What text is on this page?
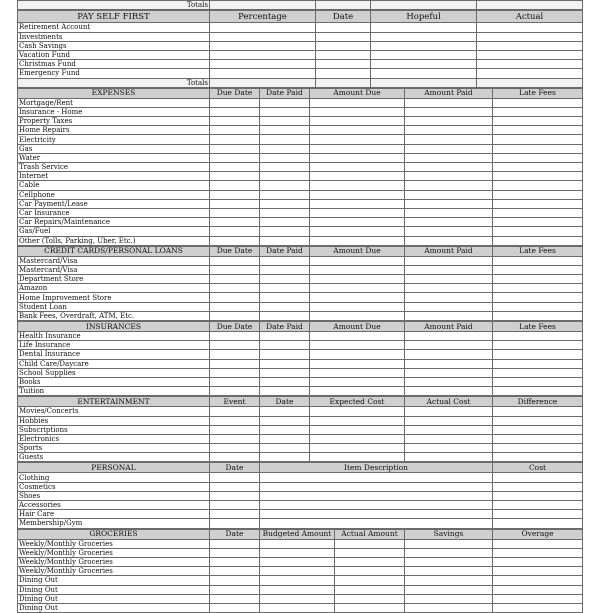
Totals				
PAY SELF FIRST	Percentage	Date	Hopeful	Actual
Retirement Account				
Investments				
Cash Savings				
Vacation Fund				
Christmas Fund				
Emergency Fund				
Totals				
EXPENSES	Due Date	Date Paid	Amount Due	Amount Paid	Late Fees
Mortgage/Rent					
Insurance - Home					
Property Taxes					
Home Repairs					
Electricity					
Gas					
Water					
Trash Service					
Internet					
Cable					
Cellphone					
Car Payment/Lease					
Car Insurance					
Car Repairs/Maintenance					
Gas/Fuel					
Other (Tolls, Parking, Uber, Etc.)					
CREDIT CARDS/PERSONAL LOANS	Due Date	Date Paid	Amount Due	Amount Paid	Late Fees
Mastercard/Visa					
Mastercard/Visa					
Department Store					
Amazon					
Home Improvement Store					
Student Loan					
Bank Fees, Overdraft, ATM, Etc.					
INSURANCES	Due Date	Date Paid	Amount Due	Amount Paid	Late Fees
Health Insurance					
Life Insurance					
Dental Insurance					
Child Care/Daycare					
School Supplies					
Books					
Tuition					
ENTERTAINMENT	Event	Date	Expected Cost	Actual Cost	Difference
Movies/Concerts					
Hobbies					
Subscriptions					
Electronics					
Sports					
Guests					
PERSONAL	Date	Item Description	Cost
Clothing			
Cosmetics			
Shoes			
Accessories			
Hair Care			
Membership/Gym			
GROCERIES	Date	Budgeted Amount	Actual Amount	Savings	Overage
Weekly/Monthly Groceries					
Weekly/Monthly Groceries					
Weekly/Monthly Groceries					
Weekly/Monthly Groceries					
Dining Out					
Dining Out					
Dining Out					
Dining Out					
